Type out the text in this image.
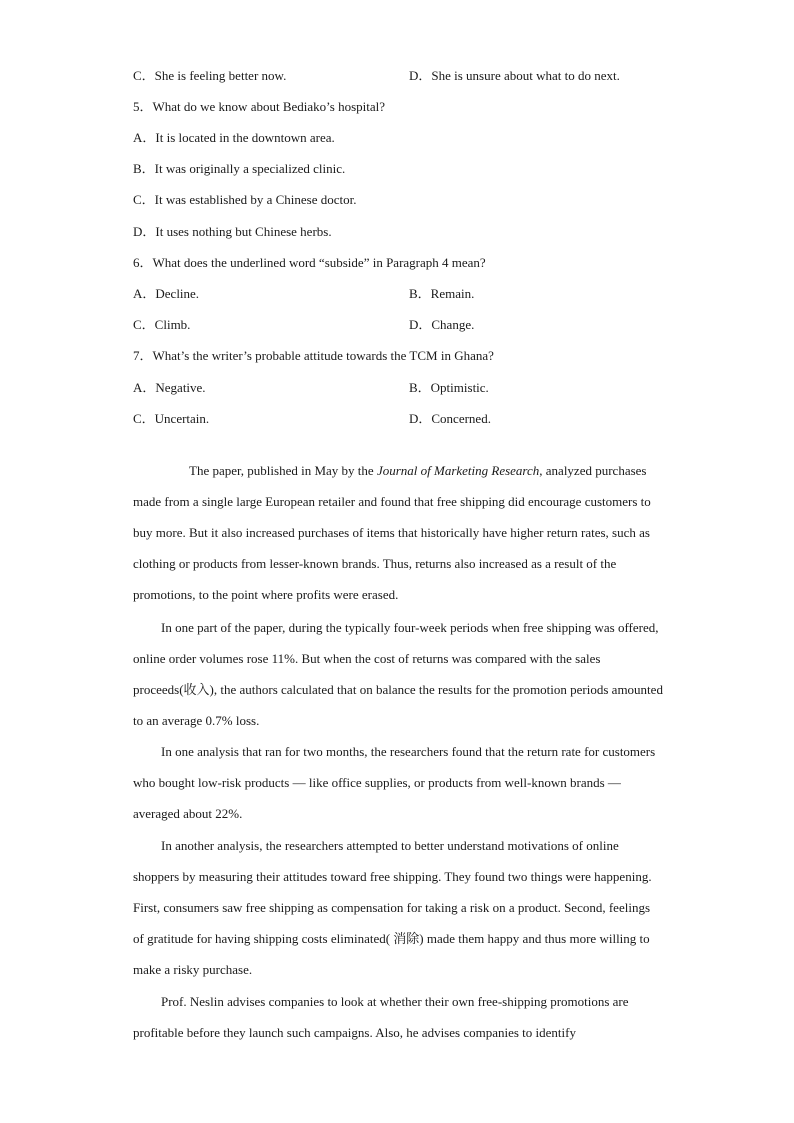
C．She is feeling better now.	D．She is unsure about what to do next.
5．What do we know about Bediako’s hospital?
A．It is located in the downtown area.
B．It was originally a specialized clinic.
C．It was established by a Chinese doctor.
D．It uses nothing but Chinese herbs.
6．What does the underlined word “subside” in Paragraph 4 mean?
A．Decline.	B．Remain.
C．Climb.	D．Change.
7．What’s the writer’s probable attitude towards the TCM in Ghana?
A．Negative.	B．Optimistic.
C．Uncertain.	D．Concerned.
The paper, published in May by the Journal of Marketing Research, analyzed purchases made from a single large European retailer and found that free shipping did encourage customers to buy more. But it also increased purchases of items that historically have higher return rates, such as clothing or products from lesser-known brands. Thus, returns also increased as a result of the promotions, to the point where profits were erased.
In one part of the paper, during the typically four-week periods when free shipping was offered, online order volumes rose 11%. But when the cost of returns was compared with the sales proceeds(收入), the authors calculated that on balance the results for the promotion periods amounted to an average 0.7% loss.
In one analysis that ran for two months, the researchers found that the return rate for customers who bought low-risk products — like office supplies, or products from well-known brands — averaged about 22%.
In another analysis, the researchers attempted to better understand motivations of online shoppers by measuring their attitudes toward free shipping. They found two things were happening. First, consumers saw free shipping as compensation for taking a risk on a product. Second, feelings of gratitude for having shipping costs eliminated( 消除) made them happy and thus more willing to make a risky purchase.
Prof. Neslin advises companies to look at whether their own free-shipping promotions are profitable before they launch such campaigns. Also, he advises companies to identify
